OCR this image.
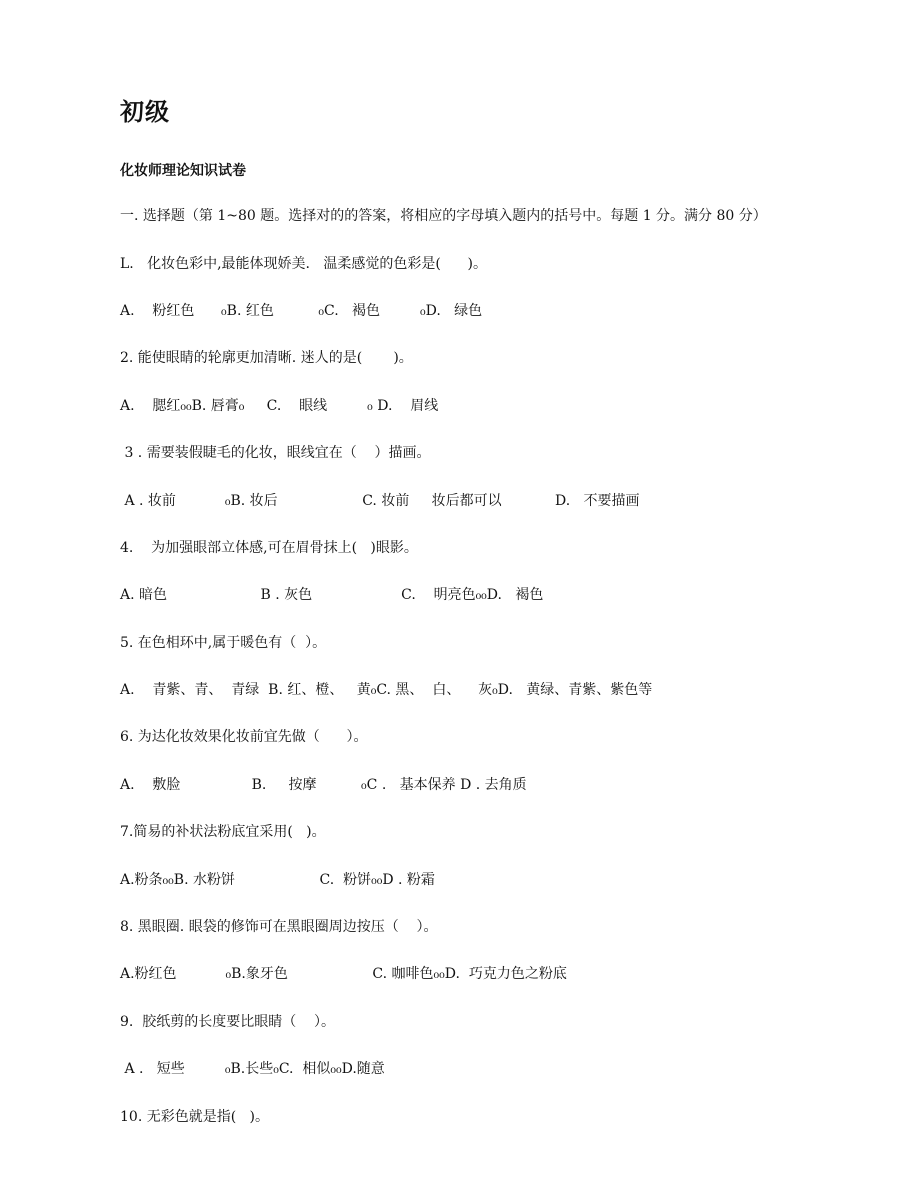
初级
化妆师理论知识试卷
一. 选择题（第 1~80 题。选择对的的答案，将相应的字母填入题内的括号中。每题 1 分。满分 80 分）
L.   化妆色彩中,最能体现娇美.   温柔感觉的色彩是(      )。
A.    粉红色      ₀B. 红色          ₀C.   褐色         ₀D.   绿色
2. 能使眼睛的轮廓更加清晰. 迷人的是(       )。
A.    腮红₀₀B. 唇膏₀     C.    眼线         ₀ D.    眉线
3 . 需要装假睫毛的化妆，眼线宜在（    ）描画。
A . 妆前           ₀B. 妆后                   C. 妆前     妆后都可以            D.   不要描画
4.    为加强眼部立体感,可在眉骨抹上(   )眼影。
A. 暗色                     B . 灰色                    C.    明亮色₀₀D.   褐色
5. 在色相环中,属于暖色有（  ）。
A.    青紫、青、  青绿  B. 红、橙、   黄₀C. 黑、  白、    灰₀D.   黄绿、青紫、紫色等
6. 为达化妆效果化妆前宜先做（      ）。
A.    敷脸                B.     按摩          ₀C .   基本保养 D . 去角质
7.简易的补状法粉底宜采用(   )。
A.粉条₀₀B. 水粉饼                   C.  粉饼₀₀D . 粉霜
8. 黑眼圈. 眼袋的修饰可在黑眼圈周边按压（    ）。
A.粉红色           ₀B.象牙色                   C. 咖啡色₀₀D.  巧克力色之粉底
9.  胶纸剪的长度要比眼睛（    ）。
A .   短些         ₀B.长些₀C.  相似₀₀D.随意
10. 无彩色就是指(   )。
